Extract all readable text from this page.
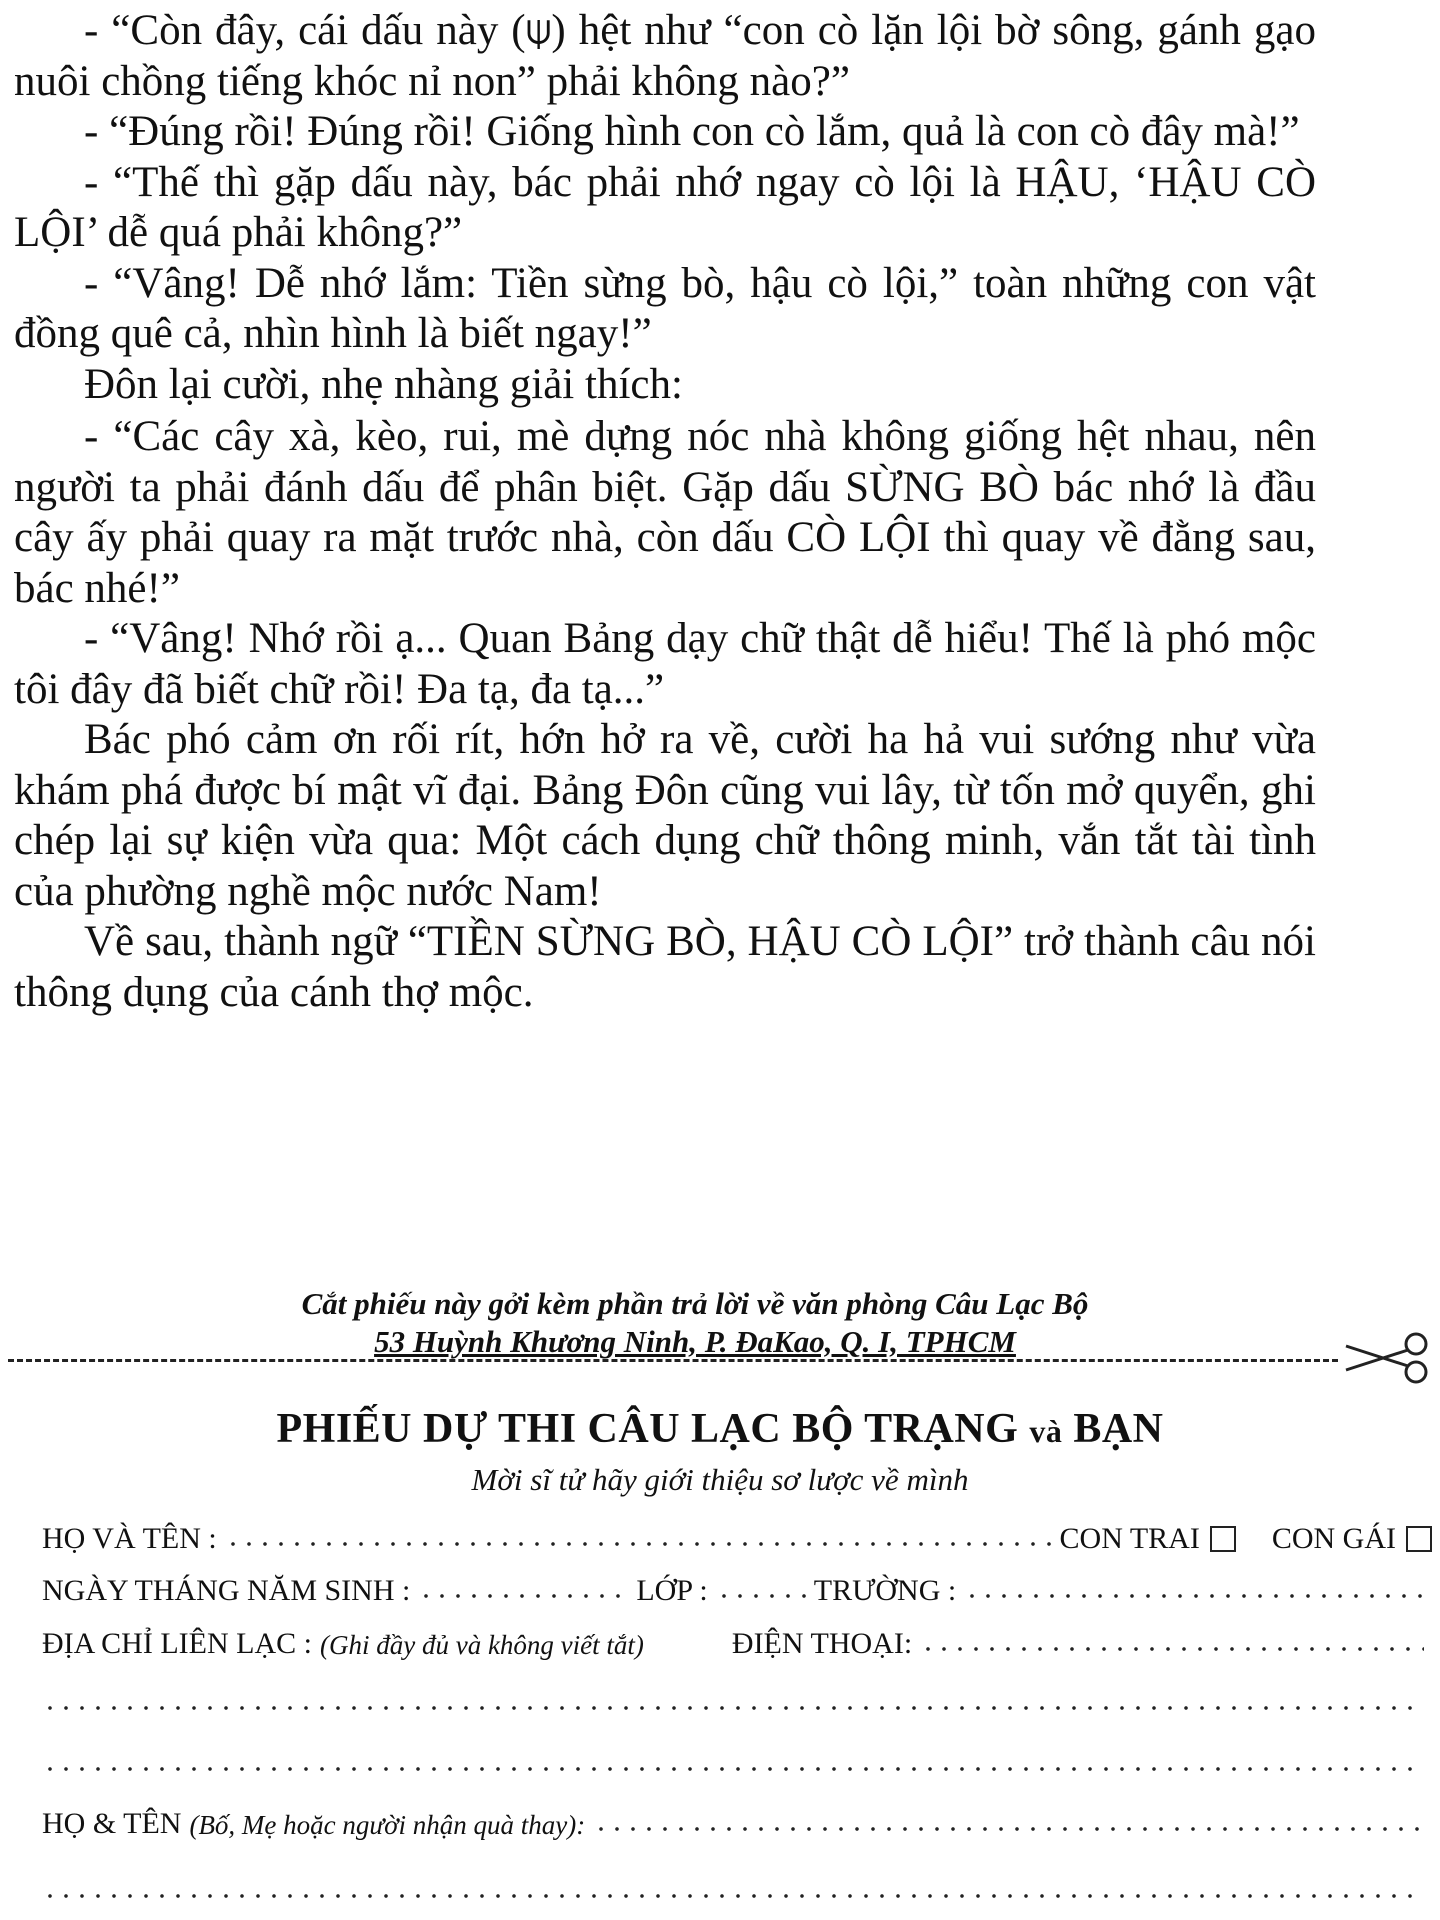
- “Còn đây, cái dấu này (⍦) hệt như “con cò lặn lội bờ sông, gánh gạo nuôi chồng tiếng khóc nỉ non” phải không nào?”

- “Đúng rồi! Đúng rồi! Giống hình con cò lắm, quả là con cò đây mà!”

- “Thế thì gặp dấu này, bác phải nhớ ngay cò lội là HẬU, ‘HẬU CÒ LỘI’ dễ quá phải không?”

- “Vâng! Dễ nhớ lắm: Tiền sừng bò, hậu cò lội,” toàn những con vật đồng quê cả, nhìn hình là biết ngay!”

Đôn lại cười, nhẹ nhàng giải thích:

- “Các cây xà, kèo, rui, mè dựng nóc nhà không giống hệt nhau, nên người ta phải đánh dấu để phân biệt. Gặp dấu SỪNG BÒ bác nhớ là đầu cây ấy phải quay ra mặt trước nhà, còn dấu CÒ LỘI thì quay về đằng sau, bác nhé!”

- “Vâng! Nhớ rồi ạ... Quan Bảng dạy chữ thật dễ hiểu! Thế là phó mộc tôi đây đã biết chữ rồi! Đa tạ, đa tạ...”

Bác phó cảm ơn rối rít, hớn hở ra về, cười ha hả vui sướng như vừa khám phá được bí mật vĩ đại. Bảng Đôn cũng vui lây, từ tốn mở quyển, ghi chép lại sự kiện vừa qua: Một cách dụng chữ thông minh, vắn tắt tài tình của phường nghề mộc nước Nam!

Về sau, thành ngữ “TIỀN SỪNG BÒ, HẬU CÒ LỘI” trở thành câu nói thông dụng của cánh thợ mộc.

Cắt phiếu này gởi kèm phần trả lời về văn phòng Câu Lạc Bộ
53 Huỳnh Khương Ninh, P. ĐaKao, Q. I, TPHCM
PHIẾU DỰ THI CÂU LẠC BỘ TRẠNG và BẠN
Mời sĩ tử hãy giới thiệu sơ lược về mình
HỌ VÀ TÊN :	CON TRAI CON GÁI
NGÀY THÁNG NĂM SINH :	LỚP :	TRƯỜNG :
ĐỊA CHỈ LIÊN LẠC : (Ghi đầy đủ và không viết tắt)	ĐIỆN THOẠI:
HỌ & TÊN (Bố, Mẹ hoặc người nhận quà thay):
